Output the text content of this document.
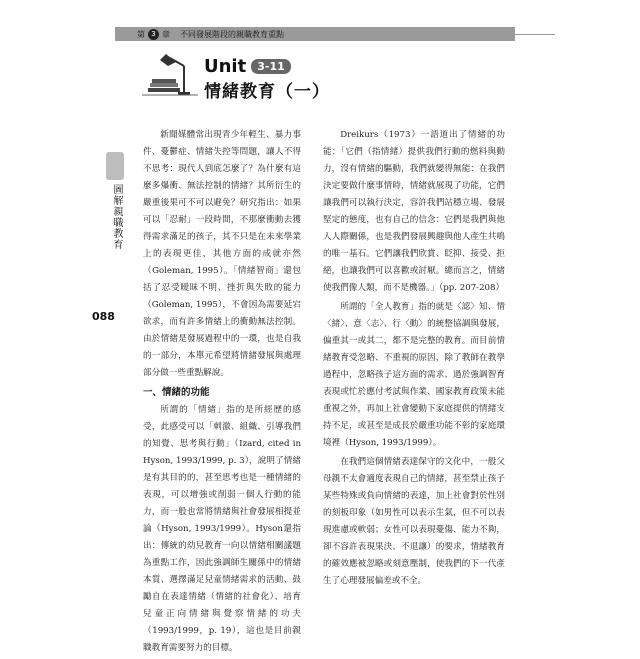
第 3 章 不同發展階段的親職教育重點
Unit	3-11
情緒教育（一）
圖解親職教育
088

新聞媒體常出現青少年輕生、暴力事件、憂鬱症、情緒失控等問題，讓人不得不思考：現代人到底怎麼了？為什麼有這麼多爆衝、無法控制的情緒？其所衍生的嚴重後果可不可以避免？研究指出：如果可以「忍耐」一段時間，不那麼衝動去獲得需求滿足的孩子，其不只是在未來學業上的表現更佳，其他方面的成就亦然（Goleman, 1995）。「情緒智商」還包括了忍受暧昧不明、挫折與失敗的能力（Goleman, 1995），不會因為需要延宕欲求，而有許多情緒上的衝動無法控制。由於情緒是發展過程中的一環，也是自我的一部分，本單元希望將情緒發展與處理部分做一些重點解說。

一、情緒的功能

所謂的「情緒」指的是所經歷的感受，此感受可以「刺激、組織、引導我們的知覺、思考與行動」（Izard, cited in Hyson, 1993/1999, p. 3），說明了情緒是有其目的的，甚至思考也是一種情緒的表現，可以增強或削弱一個人行動的能力，而一般也常將情緒與社會發展相提並論（Hyson, 1993/1999）。Hyson還指出：傳統的幼兒教育一向以情緒相關議題為重點工作，因此強調師生關係中的情緒本質、選擇滿足兒童情緒需求的活動、鼓勵自在表達情緒（情緒的社會化）、培育兒童正向情緒與覺察情緒的功夫（1993/1999，p. 19），這也是目前親職教育需要努力的目標。

Dreikurs（1973）一語道出了情緒的功能：「它們（指情緒）提供我們行動的燃料與動力，沒有情緒的驅動，我們就變得無能：在我們決定要做什麼事情時，情緒就展現了功能，它們讓我們可以執行決定，容許我們站穩立場、發展堅定的態度，也有自己的信念：它們是我們與他人人際關係，也是我們發展興趣與他人產生共鳴的唯一基石。它們讓我們欣賞、眨抑、接受、拒絕，也讓我們可以喜歡或討厭。總而言之，情緒使我們像人類，而不是機器。」（pp. 207-208）

所謂的「全人教育」指的就是〈認〉知、情〈緒〉、意〈志〉、行〈動〉的統整協調與發展，偏重其一或其二，都不是完整的教育。而目前情緒教育受忽略、不重視的原因，除了教師在教學過程中，忽略孩子這方面的需求、過於強調智育表現或忙於應付考試與作業、國家教育政策未能重視之外，再加上社會變動下家庭提供的情緒支持不足，或甚至是成長於嚴重功能不彰的家庭環境裡（Hyson, 1993/1999）。

在我們這個情緒表達保守的文化中，一般父母親不太會適度表現自己的情緒，甚至禁止孩子某些特殊或負向情緒的表達，加上社會對於性別的刻板印象（如男性可以表示生氣，但不可以表現進慮或軟弱；女性可以表現憂傷、能力不夠，卻不容許表現果決、不退讓）的要求，情緒教育的確效應被忽略或刻意壓制，使我們的下一代產生了心理發展偏差或不全。
